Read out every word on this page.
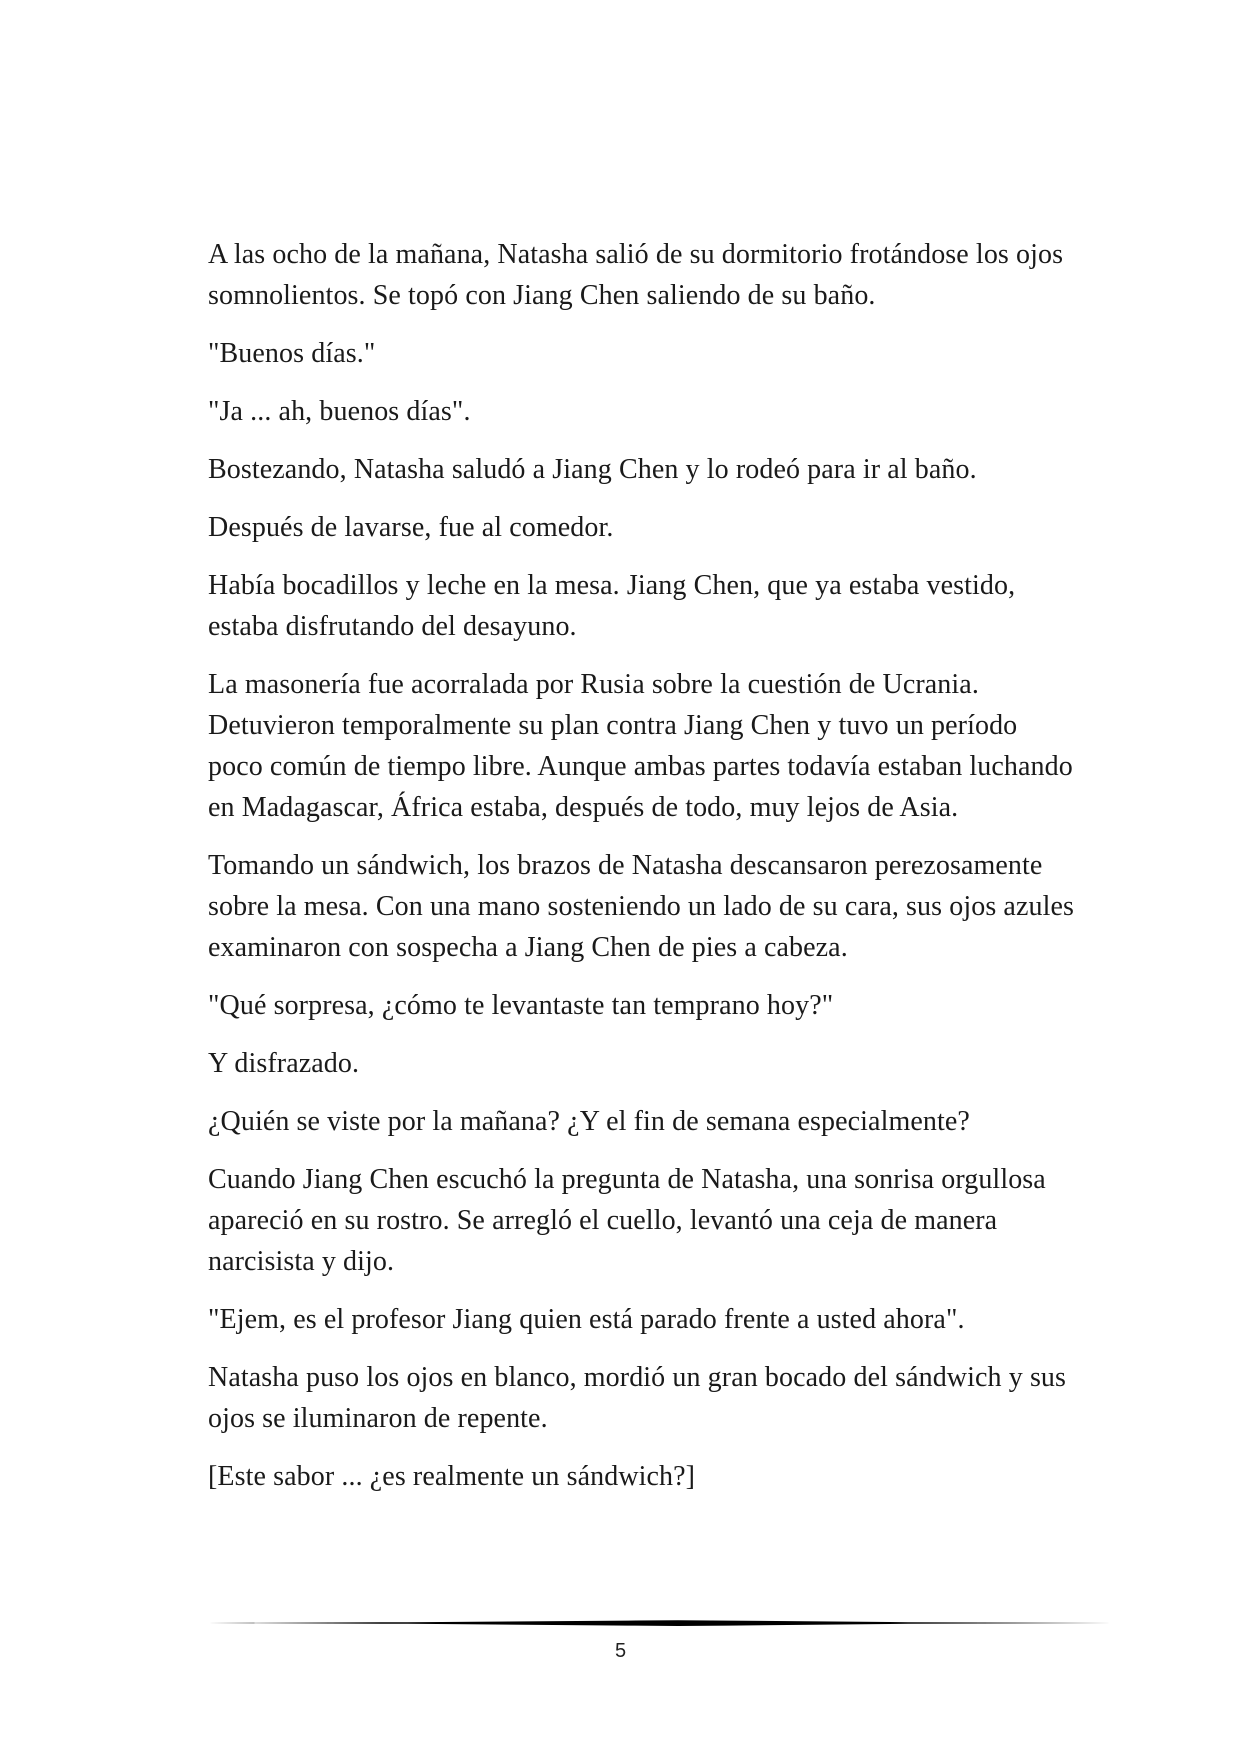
A las ocho de la mañana, Natasha salió de su dormitorio frotándose los ojos somnolientos. Se topó con Jiang Chen saliendo de su baño.

"Buenos días."

"Ja ... ah, buenos días".

Bostezando, Natasha saludó a Jiang Chen y lo rodeó para ir al baño.

Después de lavarse, fue al comedor.

Había bocadillos y leche en la mesa. Jiang Chen, que ya estaba vestido, estaba disfrutando del desayuno.

La masonería fue acorralada por Rusia sobre la cuestión de Ucrania. Detuvieron temporalmente su plan contra Jiang Chen y tuvo un período poco común de tiempo libre. Aunque ambas partes todavía estaban luchando en Madagascar, África estaba, después de todo, muy lejos de Asia.

Tomando un sándwich, los brazos de Natasha descansaron perezosamente sobre la mesa. Con una mano sosteniendo un lado de su cara, sus ojos azules examinaron con sospecha a Jiang Chen de pies a cabeza.

"Qué sorpresa, ¿cómo te levantaste tan temprano hoy?"

Y disfrazado.

¿Quién se viste por la mañana? ¿Y el fin de semana especialmente?

Cuando Jiang Chen escuchó la pregunta de Natasha, una sonrisa orgullosa apareció en su rostro. Se arregló el cuello, levantó una ceja de manera narcisista y dijo.

"Ejem, es el profesor Jiang quien está parado frente a usted ahora".

Natasha puso los ojos en blanco, mordió un gran bocado del sándwich y sus ojos se iluminaron de repente.

[Este sabor ... ¿es realmente un sándwich?]

5
